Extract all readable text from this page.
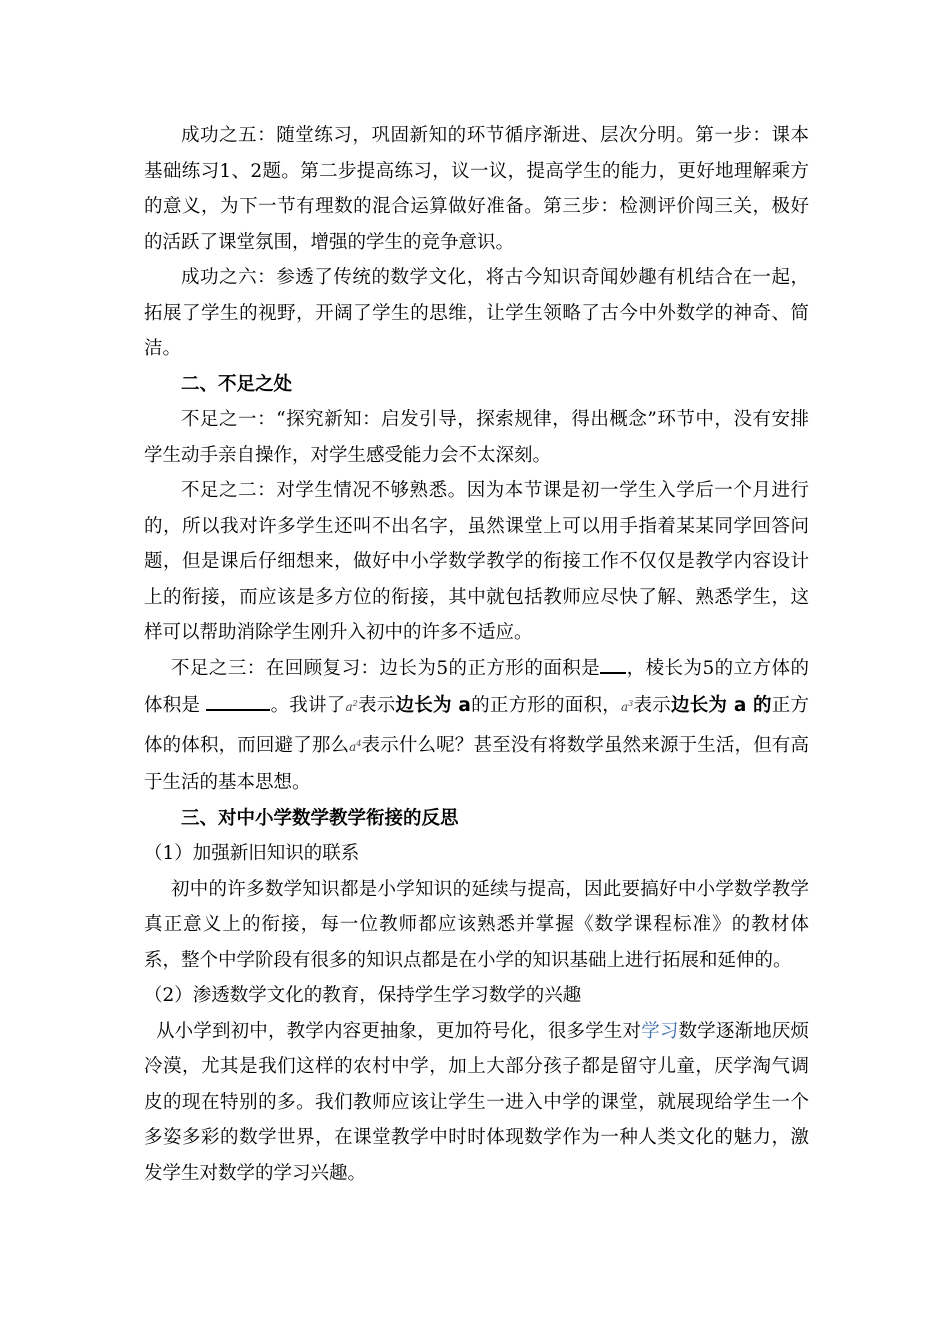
成功之五：随堂练习，巩固新知的环节循序渐进、层次分明。第一步：课本基础练习1、2题。第二步提高练习，议一议，提高学生的能力，更好地理解乘方的意义，为下一节有理数的混合运算做好准备。第三步：检测评价闯三关，极好的活跃了课堂氛围，增强的学生的竞争意识。

成功之六：参透了传统的数学文化，将古今知识奇闻妙趣有机结合在一起，拓展了学生的视野，开阔了学生的思维，让学生领略了古今中外数学的神奇、简洁。

二、不足之处

不足之一：“探究新知：启发引导，探索规律，得出概念”环节中，没有安排学生动手亲自操作，对学生感受能力会不太深刻。

不足之二：对学生情况不够熟悉。因为本节课是初一学生入学后一个月进行的，所以我对许多学生还叫不出名字，虽然课堂上可以用手指着某某同学回答问题，但是课后仔细想来，做好中小学数学教学的衔接工作不仅仅是教学内容设计上的衔接，而应该是多方位的衔接，其中就包括教师应尽快了解、熟悉学生，这样可以帮助消除学生刚升入初中的许多不适应。

不足之三：在回顾复习：边长为5的正方形的面积是 ，棱长为5的立方体的体积是	。我讲了$a^2$表示边长为 a的正方形的面积，$a^3$表示边长为 a 的正方体的体积，而回避了那么$a^4$表示什么呢？甚至没有将数学虽然来源于生活，但有高于生活的基本思想。

三、对中小学数学教学衔接的反思

（1）加强新旧知识的联系

初中的许多数学知识都是小学知识的延续与提高，因此要搞好中小学数学教学真正意义上的衔接，每一位教师都应该熟悉并掌握《数学课程标准》的教材体系，整个中学阶段有很多的知识点都是在小学的知识基础上进行拓展和延伸的。

（2）渗透数学文化的教育，保持学生学习数学的兴趣

从小学到初中，教学内容更抽象，更加符号化，很多学生对学习数学逐渐地厌烦冷漠，尤其是我们这样的农村中学，加上大部分孩子都是留守儿童，厌学淘气调皮的现在特别的多。我们教师应该让学生一进入中学的课堂，就展现给学生一个多姿多彩的数学世界，在课堂教学中时时体现数学作为一种人类文化的魅力，激发学生对数学的学习兴趣。
